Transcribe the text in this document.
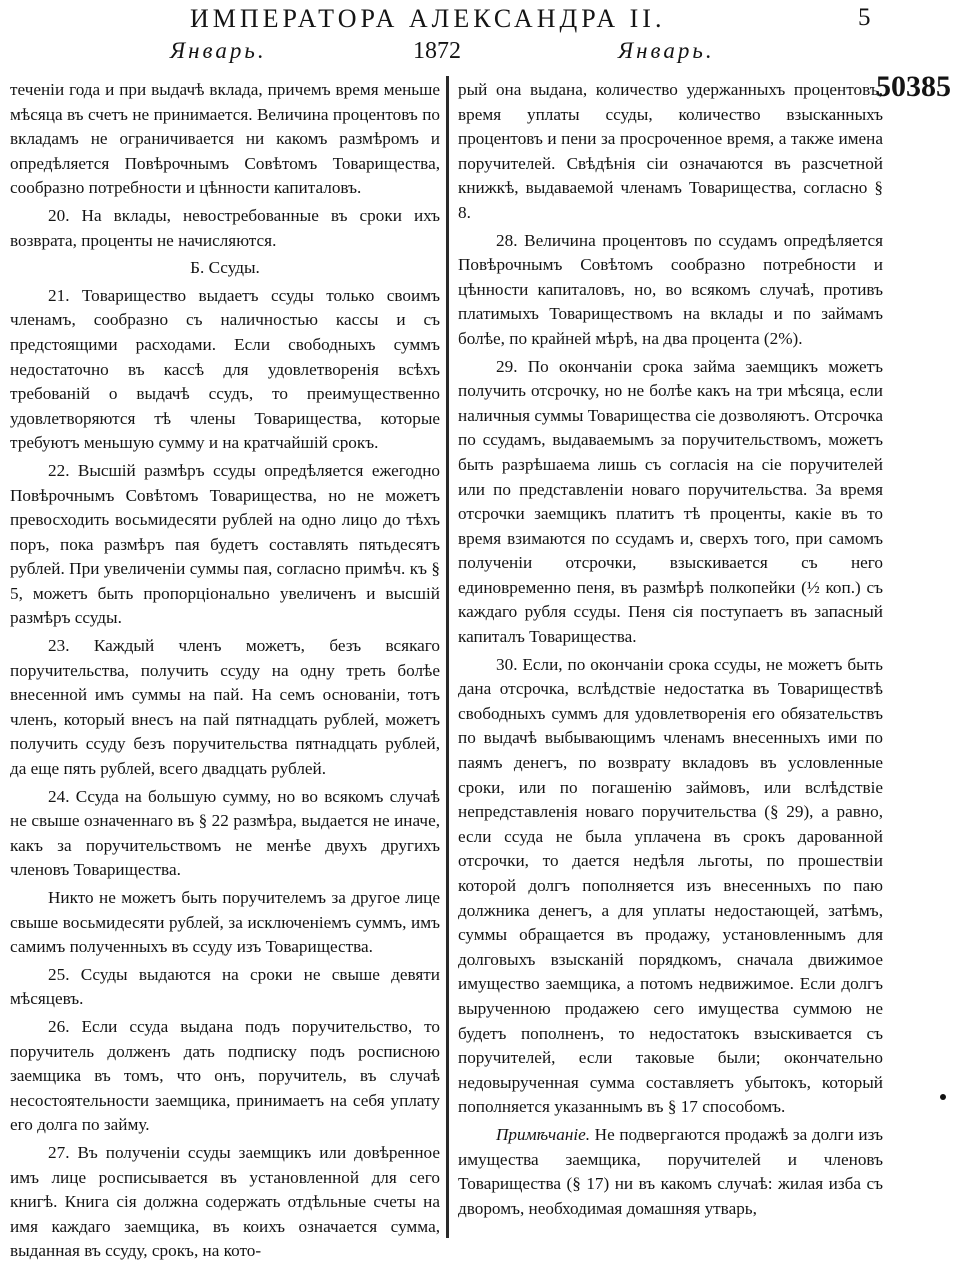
ИМПЕРАТОРА АЛЕКСАНДРА II.	5
Январь.	1872	Январь.
50385

теченіи года и при выдачѣ вклада, причемъ время меньше мѣсяца въ счетъ не принимается. Величина процентовъ по вкладамъ не ограничивается ни какомъ размѣромъ и опредѣляется Повѣрочнымъ Совѣтомъ Товарищества, сообразно потребности и цѣнности капиталовъ.

20. На вклады, невостребованные въ сроки ихъ возврата, проценты не начисляются.

Б. Ссуды.

21. Товарищество выдаетъ ссуды только своимъ членамъ, сообразно съ наличностью кассы и съ предстоящими расходами. Если свободныхъ суммъ недостаточно въ кассѣ для удовлетворенія всѣхъ требованій о выдачѣ ссудъ, то преимущественно удовлетворяются тѣ члены Товарищества, которые требуютъ меньшую сумму и на кратчайшій срокъ.

22. Высшій размѣръ ссуды опредѣляется ежегодно Повѣрочнымъ Совѣтомъ Товарищества, но не можетъ превосходить восьмидесяти рублей на одно лицо до тѣхъ поръ, пока размѣръ пая будетъ составлять пятьдесятъ рублей. При увеличеніи суммы пая, согласно примѣч. къ § 5, можетъ быть пропорціонально увеличенъ и высшій размѣръ ссуды.

23. Каждый членъ можетъ, безъ всякаго поручительства, получить ссуду на одну треть болѣе внесенной имъ суммы на пай. На семъ основаніи, тотъ членъ, который внесъ на пай пятнадцать рублей, можетъ получить ссуду безъ поручительства пятнадцать рублей, да еще пять рублей, всего двадцать рублей.

24. Ссуда на большую сумму, но во всякомъ случаѣ не свыше означеннаго въ § 22 размѣра, выдается не иначе, какъ за поручительствомъ не менѣе двухъ другихъ членовъ Товарищества.

Никто не можетъ быть поручителемъ за другое лице свыше восьмидесяти рублей, за исключеніемъ суммъ, имъ самимъ полученныхъ въ ссуду изъ Товарищества.

25. Ссуды выдаются на сроки не свыше девяти мѣсяцевъ.

26. Если ссуда выдана подъ поручительство, то поручитель долженъ дать подписку подъ росписною заемщика въ томъ, что онъ, поручитель, въ случаѣ несостоятельности заемщика, принимаетъ на себя уплату его долга по займу.

27. Въ полученіи ссуды заемщикъ или довѣренное имъ лице росписывается въ установленной для сего книгѣ. Книга сія должна содержать отдѣльные счеты на имя каждаго заемщика, въ коихъ означается сумма, выданная въ ссуду, срокъ, на кото-

рый она выдана, количество удержанныхъ процентовъ, время уплаты ссуды, количество взысканныхъ процентовъ и пени за просроченное время, а также имена поручителей. Свѣдѣнія сіи означаются въ разсчетной книжкѣ, выдаваемой членамъ Товарищества, согласно § 8.

28. Величина процентовъ по ссудамъ опредѣляется Повѣрочнымъ Совѣтомъ сообразно потребности и цѣнности капиталовъ, но, во всякомъ случаѣ, противъ платимыхъ Товариществомъ на вклады и по займамъ болѣе, по крайней мѣрѣ, на два процента (2%).

29. По окончаніи срока займа заемщикъ можетъ получить отсрочку, но не болѣе какъ на три мѣсяца, если наличныя суммы Товарищества сіе дозволяютъ. Отсрочка по ссудамъ, выдаваемымъ за поручительствомъ, можетъ быть разрѣшаема лишь съ согласія на сіе поручителей или по представленіи новаго поручительства. За время отсрочки заемщикъ платитъ тѣ проценты, какіе въ то время взимаются по ссудамъ и, сверхъ того, при самомъ полученіи отсрочки, взыскивается съ него единовременно пеня, въ размѣрѣ полкопейки (½ коп.) съ каждаго рубля ссуды. Пеня сія поступаетъ въ запасный капиталъ Товарищества.

30. Если, по окончаніи срока ссуды, не можетъ быть дана отсрочка, вслѣдствіе недостатка въ Товариществѣ свободныхъ суммъ для удовлетворенія его обязательствъ по выдачѣ выбывающимъ членамъ внесенныхъ ими по паямъ денегъ, по возврату вкладовъ въ условленные сроки, или по погашенію займовъ, или вслѣдствіе непредставленія новаго поручительства (§ 29), а равно, если ссуда не была уплачена въ срокъ дарованной отсрочки, то дается недѣля льготы, по прошествіи которой долгъ пополняется изъ внесенныхъ по паю должника денегъ, а для уплаты недостающей, затѣмъ, суммы обращается въ продажу, установленнымъ для долговыхъ взысканій порядкомъ, сначала движимое имущество заемщика, а потомъ недвижимое. Если долгъ вырученною продажею сего имущества суммою не будетъ пополненъ, то недостатокъ взыскивается съ поручителей, если таковые были; окончательно недовырученная сумма составляетъ убытокъ, который пополняется указаннымъ въ § 17 способомъ.

Примѣчаніе. Не подвергаются продажѣ за долги изъ имущества заемщика, поручителей и членовъ Товарищества (§ 17) ни въ какомъ случаѣ: жилая изба съ дворомъ, необходимая домашняя утварь,
